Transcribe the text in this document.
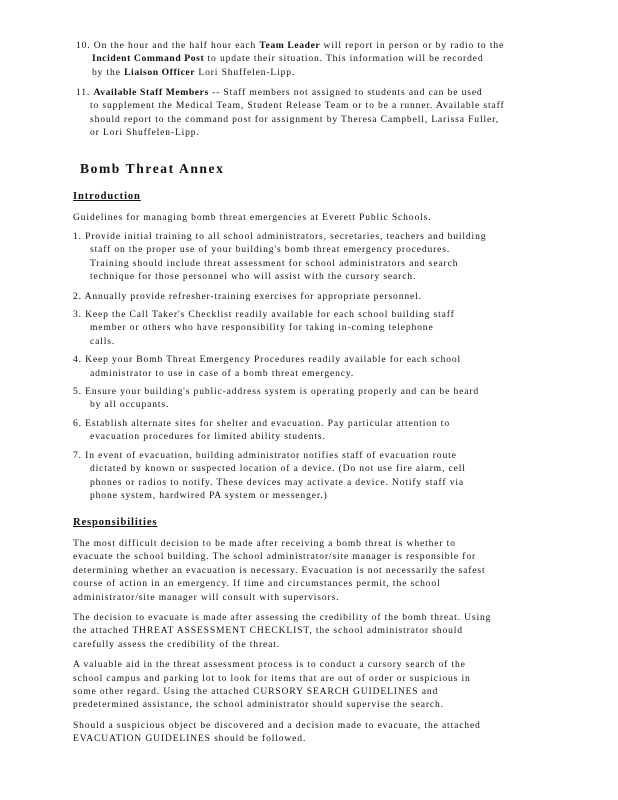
10. On the hour and the half hour each Team Leader will report in person or by radio to the
Incident Command Post to update their situation. This information will be recorded
by the Liaison Officer Lori Shuffelen-Lipp.
11. Available Staff Members -- Staff members not assigned to students and can be used
to supplement the Medical Team, Student Release Team or to be a runner. Available staff
should report to the command post for assignment by Theresa Campbell, Larissa Fuller,
or Lori Shuffelen-Lipp.
Bomb Threat Annex
Introduction
Guidelines for managing bomb threat emergencies at Everett Public Schools.
1. Provide initial training to all school administrators, secretaries, teachers and building
staff on the proper use of your building's bomb threat emergency procedures.
Training should include threat assessment for school administrators and search
technique for those personnel who will assist with the cursory search.
2. Annually provide refresher-training exercises for appropriate personnel.
3. Keep the Call Taker's Checklist readily available for each school building staff
member or others who have responsibility for taking in-coming telephone
calls.
4. Keep your Bomb Threat Emergency Procedures readily available for each school
administrator to use in case of a bomb threat emergency.
5. Ensure your building's public-address system is operating properly and can be heard
by all occupants.
6. Establish alternate sites for shelter and evacuation. Pay particular attention to
evacuation procedures for limited ability students.
7. In event of evacuation, building administrator notifies staff of evacuation route
dictated by known or suspected location of a device. (Do not use fire alarm, cell
phones or radios to notify. These devices may activate a device. Notify staff via
phone system, hardwired PA system or messenger.)
Responsibilities
The most difficult decision to be made after receiving a bomb threat is whether to
evacuate the school building. The school administrator/site manager is responsible for
determining whether an evacuation is necessary. Evacuation is not necessarily the safest
course of action in an emergency. If time and circumstances permit, the school
administrator/site manager will consult with supervisors.
The decision to evacuate is made after assessing the credibility of the bomb threat. Using
the attached THREAT ASSESSMENT CHECKLIST, the school administrator should
carefully assess the credibility of the threat.
A valuable aid in the threat assessment process is to conduct a cursory search of the
school campus and parking lot to look for items that are out of order or suspicious in
some other regard. Using the attached CURSORY SEARCH GUIDELINES and
predetermined assistance, the school administrator should supervise the search.
Should a suspicious object be discovered and a decision made to evacuate, the attached
EVACUATION GUIDELINES should be followed.
